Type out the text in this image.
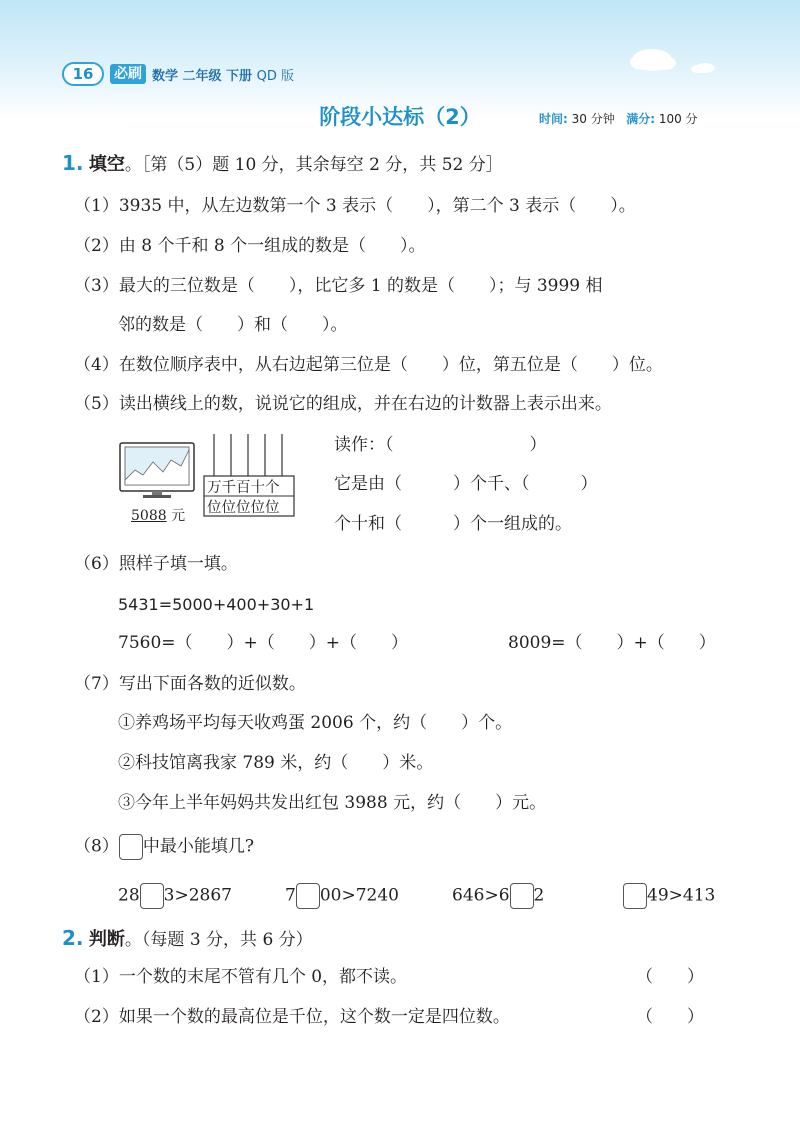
16	必刷 数学 二年级 下册 QD 版
阶段小达标（2）	时间: 30 分钟 满分: 100 分
1. 填空。［第（5）题 10 分，其余每空 2 分，共 52 分］
（1）3935 中，从左边数第一个 3 表示（　　），第二个 3 表示（　　）。
（2）由 8 个千和 8 个一组成的数是（　　）。
（3）最大的三位数是（　　），比它多 1 的数是（　　）；与 3999 相
邻的数是（　　）和（　　）。
（4）在数位顺序表中，从右边起第三位是（　　）位，第五位是（　　）位。
（5）读出横线上的数，说说它的组成，并在右边的计数器上表示出来。
5088 元
万千百十个
位位位位位
读作：（　　　　　　　　）
它是由（　　　）个千、（　　　）
个十和（　　　）个一组成的。
（6）照样子填一填。
5431=5000+400+30+1
7560=（　　）+（　　）+（　　）	8009=（　　）+（　　）
（7）写出下面各数的近似数。
①养鸡场平均每天收鸡蛋 2006 个，约（　　）个。
②科技馆离我家 789 米，约（　　）米。
③今年上半年妈妈共发出红包 3988 元，约（　　）元。
（8） 中最小能填几?
28 3>2867	7 00>7240	646>6 2	49>413
2. 判断。（每题 3 分，共 6 分）
（1）一个数的末尾不管有几个 0，都不读。	（　　）
（2）如果一个数的最高位是千位，这个数一定是四位数。	（　　）
